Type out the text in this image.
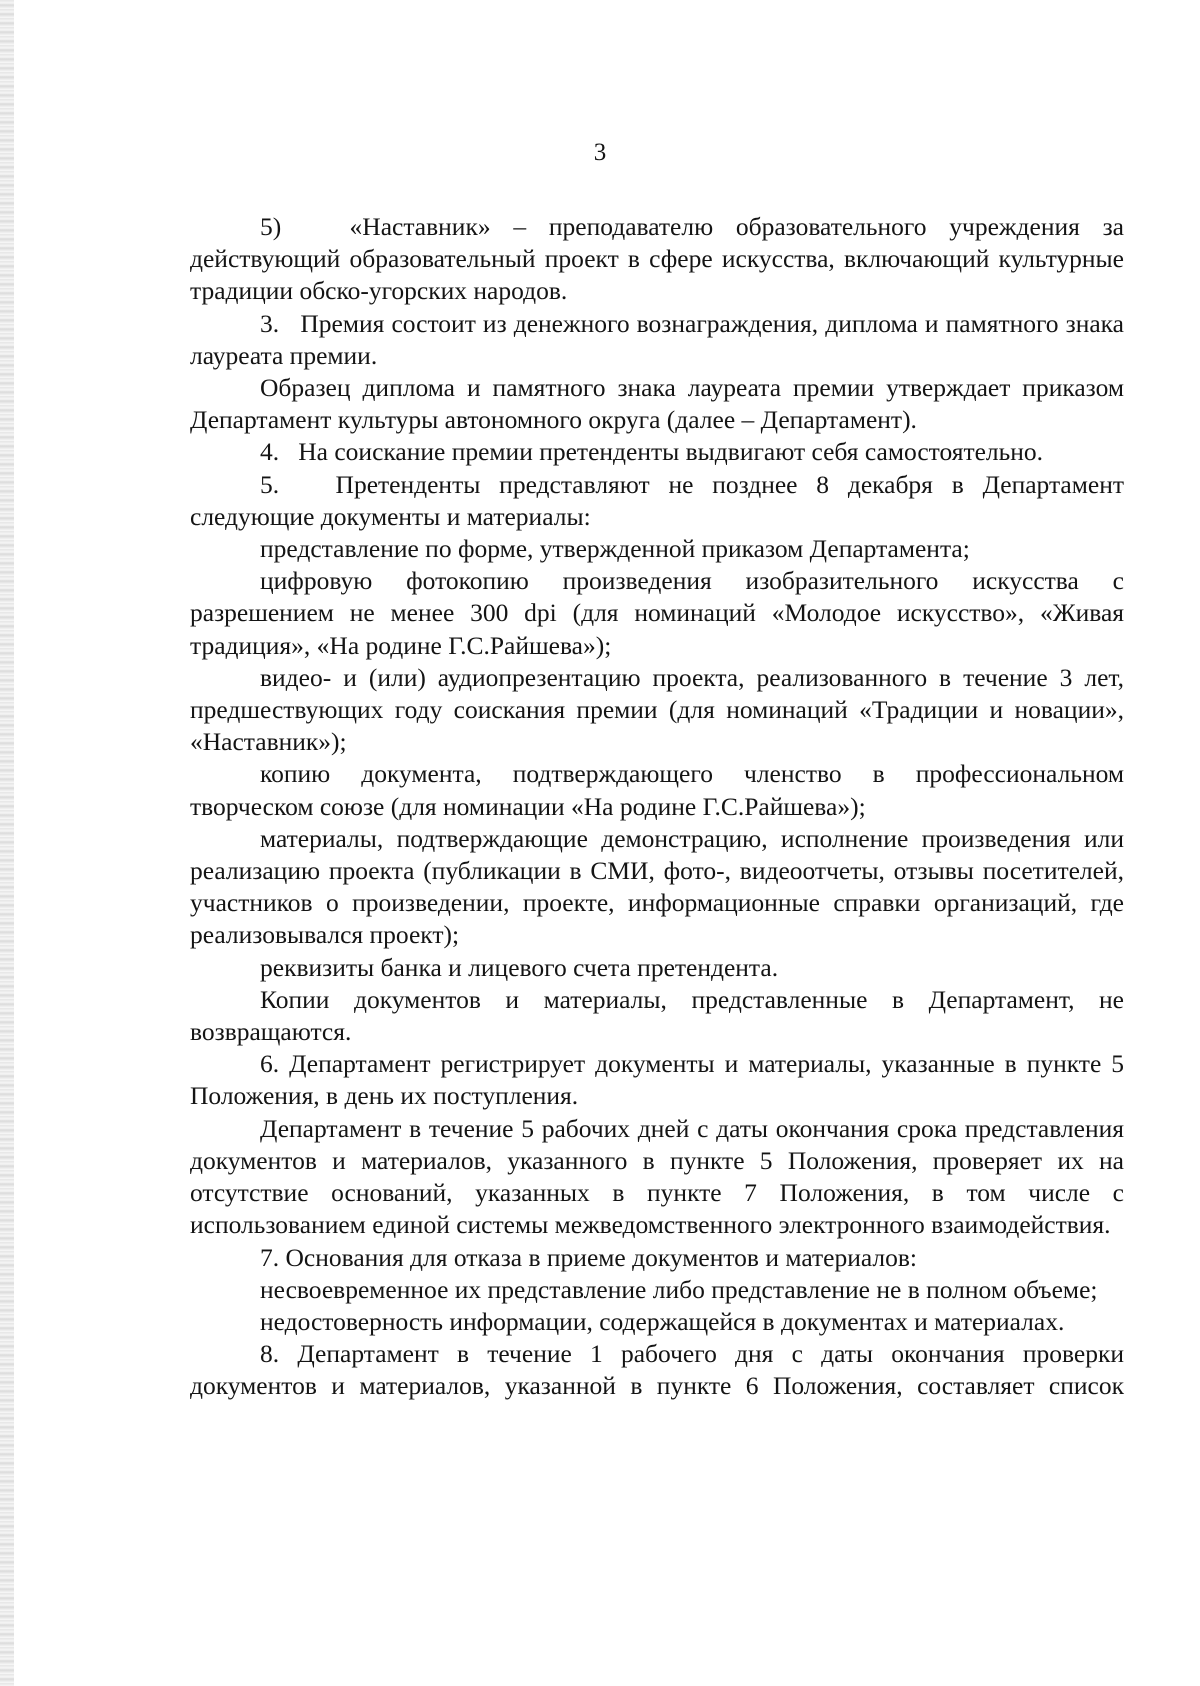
3

5)   «Наставник» – преподавателю образовательного учреждения за действующий образовательный проект в сфере искусства, включающий культурные традиции обско-угорских народов.

3.   Премия состоит из денежного вознаграждения, диплома и памятного знака лауреата премии.

Образец диплома и памятного знака лауреата премии утверждает приказом Департамент культуры автономного округа (далее – Департамент).

4.   На соискание премии претенденты выдвигают себя самостоятельно.

5.   Претенденты представляют не позднее 8 декабря в Департамент следующие документы и материалы:

представление по форме, утвержденной приказом Департамента;

цифровую фотокопию произведения изобразительного искусства с разрешением не менее 300 dpi (для номинаций «Молодое искусство», «Живая традиция», «На родине Г.С.Райшева»);

видео- и (или) аудиопрезентацию проекта, реализованного в течение 3 лет, предшествующих году соискания премии (для номинаций «Традиции и новации», «Наставник»);

копию документа, подтверждающего членство в профессиональном творческом союзе (для номинации «На родине Г.С.Райшева»);

материалы, подтверждающие демонстрацию, исполнение произведения или реализацию проекта (публикации в СМИ, фото-, видеоотчеты, отзывы посетителей, участников о произведении, проекте, информационные справки организаций, где реализовывался проект);

реквизиты банка и лицевого счета претендента.

Копии документов и материалы, представленные в Департамент, не возвращаются.

6. Департамент регистрирует документы и материалы, указанные в пункте 5 Положения, в день их поступления.

Департамент в течение 5 рабочих дней с даты окончания срока представления документов и материалов, указанного в пункте 5 Положения, проверяет их на отсутствие оснований, указанных в пункте 7 Положения, в том числе с использованием единой системы межведомственного электронного взаимодействия.

7. Основания для отказа в приеме документов и материалов:

несвоевременное их представление либо представление не в полном объеме;

недостоверность информации, содержащейся в документах и материалах.

8. Департамент в течение 1 рабочего дня с даты окончания проверки документов и материалов, указанной в пункте 6 Положения, составляет список
